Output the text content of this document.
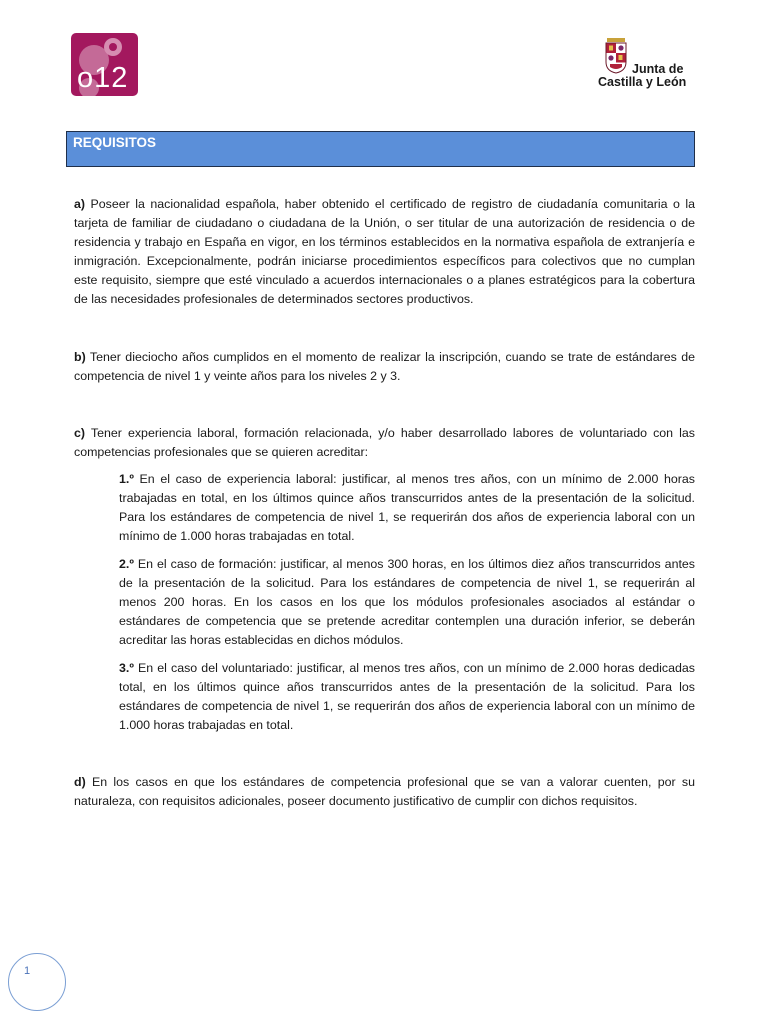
o12	Junta de
Castilla y León
REQUISITOS

a) Poseer la nacionalidad española, haber obtenido el certificado de registro de ciudadanía comunitaria o la tarjeta de familiar de ciudadano o ciudadana de la Unión, o ser titular de una autorización de residencia o de residencia y trabajo en España en vigor, en los términos establecidos en la normativa española de extranjería e inmigración. Excepcionalmente, podrán iniciarse procedimientos específicos para colectivos que no cumplan este requisito, siempre que esté vinculado a acuerdos internacionales o a planes estratégicos para la cobertura de las necesidades profesionales de determinados sectores productivos.

b) Tener dieciocho años cumplidos en el momento de realizar la inscripción, cuando se trate de estándares de competencia de nivel 1 y veinte años para los niveles 2 y 3.

c) Tener experiencia laboral, formación relacionada, y/o haber desarrollado labores de voluntariado con las competencias profesionales que se quieren acreditar:

1.º En el caso de experiencia laboral: justificar, al menos tres años, con un mínimo de 2.000 horas trabajadas en total, en los últimos quince años transcurridos antes de la presentación de la solicitud. Para los estándares de competencia de nivel 1, se requerirán dos años de experiencia laboral con un mínimo de 1.000 horas trabajadas en total.

2.º En el caso de formación: justificar, al menos 300 horas, en los últimos diez años transcurridos antes de la presentación de la solicitud. Para los estándares de competencia de nivel 1, se requerirán al menos 200 horas. En los casos en los que los módulos profesionales asociados al estándar o estándares de competencia que se pretende acreditar contemplen una duración inferior, se deberán acreditar las horas establecidas en dichos módulos.

3.º En el caso del voluntariado: justificar, al menos tres años, con un mínimo de 2.000 horas dedicadas total, en los últimos quince años transcurridos antes de la presentación de la solicitud. Para los estándares de competencia de nivel 1, se requerirán dos años de experiencia laboral con un mínimo de 1.000 horas trabajadas en total.

d) En los casos en que los estándares de competencia profesional que se van a valorar cuenten, por su naturaleza, con requisitos adicionales, poseer documento justificativo de cumplir con dichos requisitos.

1
